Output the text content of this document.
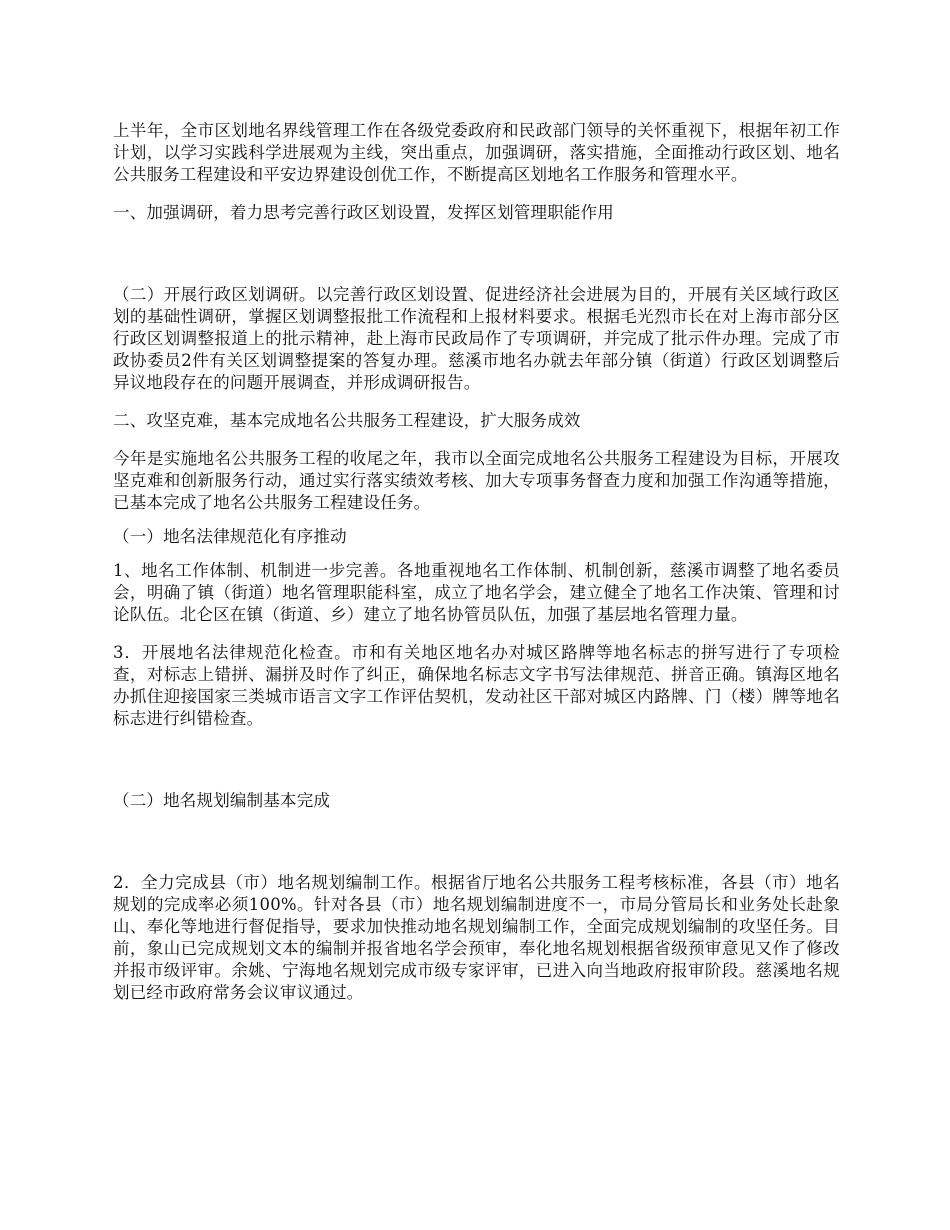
上半年，全市区划地名界线管理工作在各级党委政府和民政部门领导的关怀重视下，根据年初工作计划，以学习实践科学进展观为主线，突出重点，加强调研，落实措施，全面推动行政区划、地名公共服务工程建设和平安边界建设创优工作，不断提高区划地名工作服务和管理水平。

一、加强调研，着力思考完善行政区划设置，发挥区划管理职能作用

（二）开展行政区划调研。以完善行政区划设置、促进经济社会进展为目的，开展有关区域行政区划的基础性调研，掌握区划调整报批工作流程和上报材料要求。根据毛光烈市长在对上海市部分区行政区划调整报道上的批示精神，赴上海市民政局作了专项调研，并完成了批示件办理。完成了市政协委员2件有关区划调整提案的答复办理。慈溪市地名办就去年部分镇（街道）行政区划调整后异议地段存在的问题开展调查，并形成调研报告。

二、攻坚克难，基本完成地名公共服务工程建设，扩大服务成效

今年是实施地名公共服务工程的收尾之年，我市以全面完成地名公共服务工程建设为目标，开展攻坚克难和创新服务行动，通过实行落实绩效考核、加大专项事务督查力度和加强工作沟通等措施，已基本完成了地名公共服务工程建设任务。

（一）地名法律规范化有序推动

1、地名工作体制、机制进一步完善。各地重视地名工作体制、机制创新，慈溪市调整了地名委员会，明确了镇（街道）地名管理职能科室，成立了地名学会，建立健全了地名工作决策、管理和讨论队伍。北仑区在镇（街道、乡）建立了地名协管员队伍，加强了基层地名管理力量。

3．开展地名法律规范化检查。市和有关地区地名办对城区路牌等地名标志的拼写进行了专项检查，对标志上错拼、漏拼及时作了纠正，确保地名标志文字书写法律规范、拼音正确。镇海区地名办抓住迎接国家三类城市语言文字工作评估契机，发动社区干部对城区内路牌、门（楼）牌等地名标志进行纠错检查。

（二）地名规划编制基本完成

2．全力完成县（市）地名规划编制工作。根据省厅地名公共服务工程考核标准，各县（市）地名规划的完成率必须100%。针对各县（市）地名规划编制进度不一，市局分管局长和业务处长赴象山、奉化等地进行督促指导，要求加快推动地名规划编制工作，全面完成规划编制的攻坚任务。目前，象山已完成规划文本的编制并报省地名学会预审，奉化地名规划根据省级预审意见又作了修改并报市级评审。余姚、宁海地名规划完成市级专家评审，已进入向当地政府报审阶段。慈溪地名规划已经市政府常务会议审议通过。
